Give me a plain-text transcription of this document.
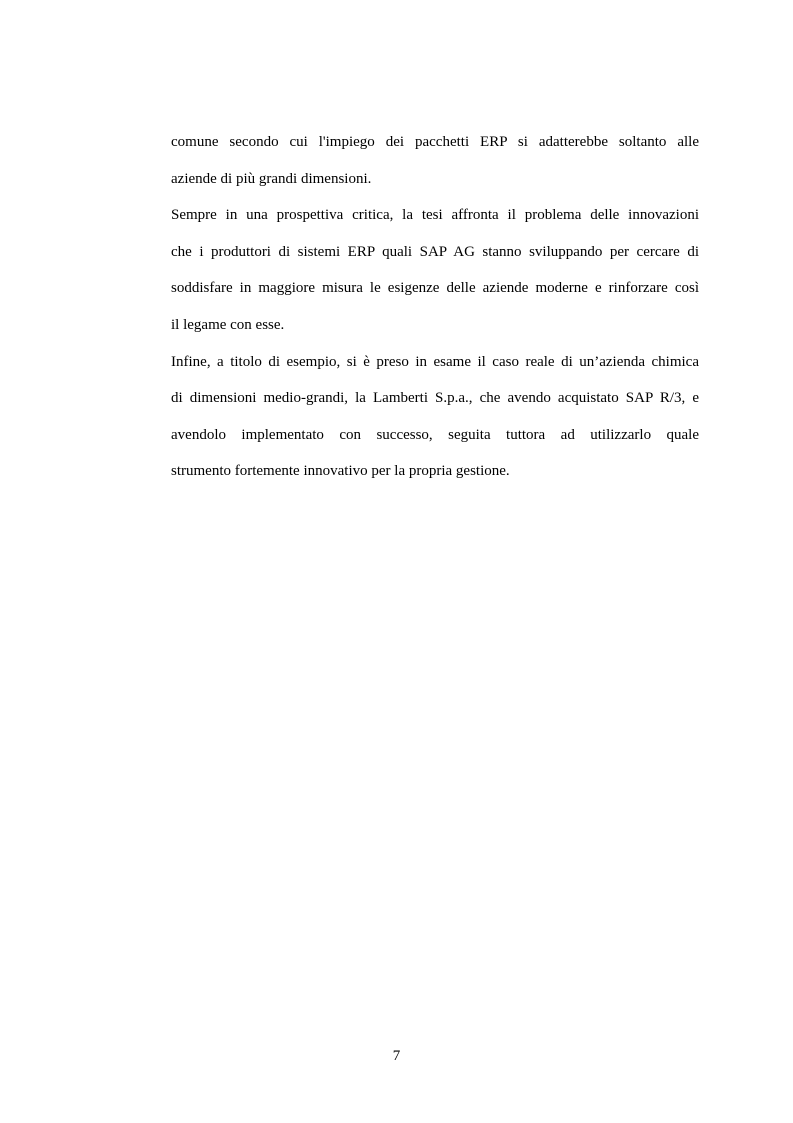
comune secondo cui l'impiego dei pacchetti ERP si adatterebbe soltanto alle
aziende di più grandi dimensioni.
Sempre in una prospettiva critica, la tesi affronta il problema delle innovazioni
che i produttori di sistemi ERP quali SAP AG stanno sviluppando per cercare di
soddisfare in maggiore misura le esigenze delle aziende moderne e rinforzare così
il legame con esse.
Infine, a titolo di esempio, si è preso in esame il caso reale di un’azienda chimica
di dimensioni medio-grandi, la Lamberti S.p.a., che avendo acquistato SAP R/3, e
avendolo implementato con successo, seguita tuttora ad utilizzarlo quale
strumento fortemente innovativo per la propria gestione.
7
